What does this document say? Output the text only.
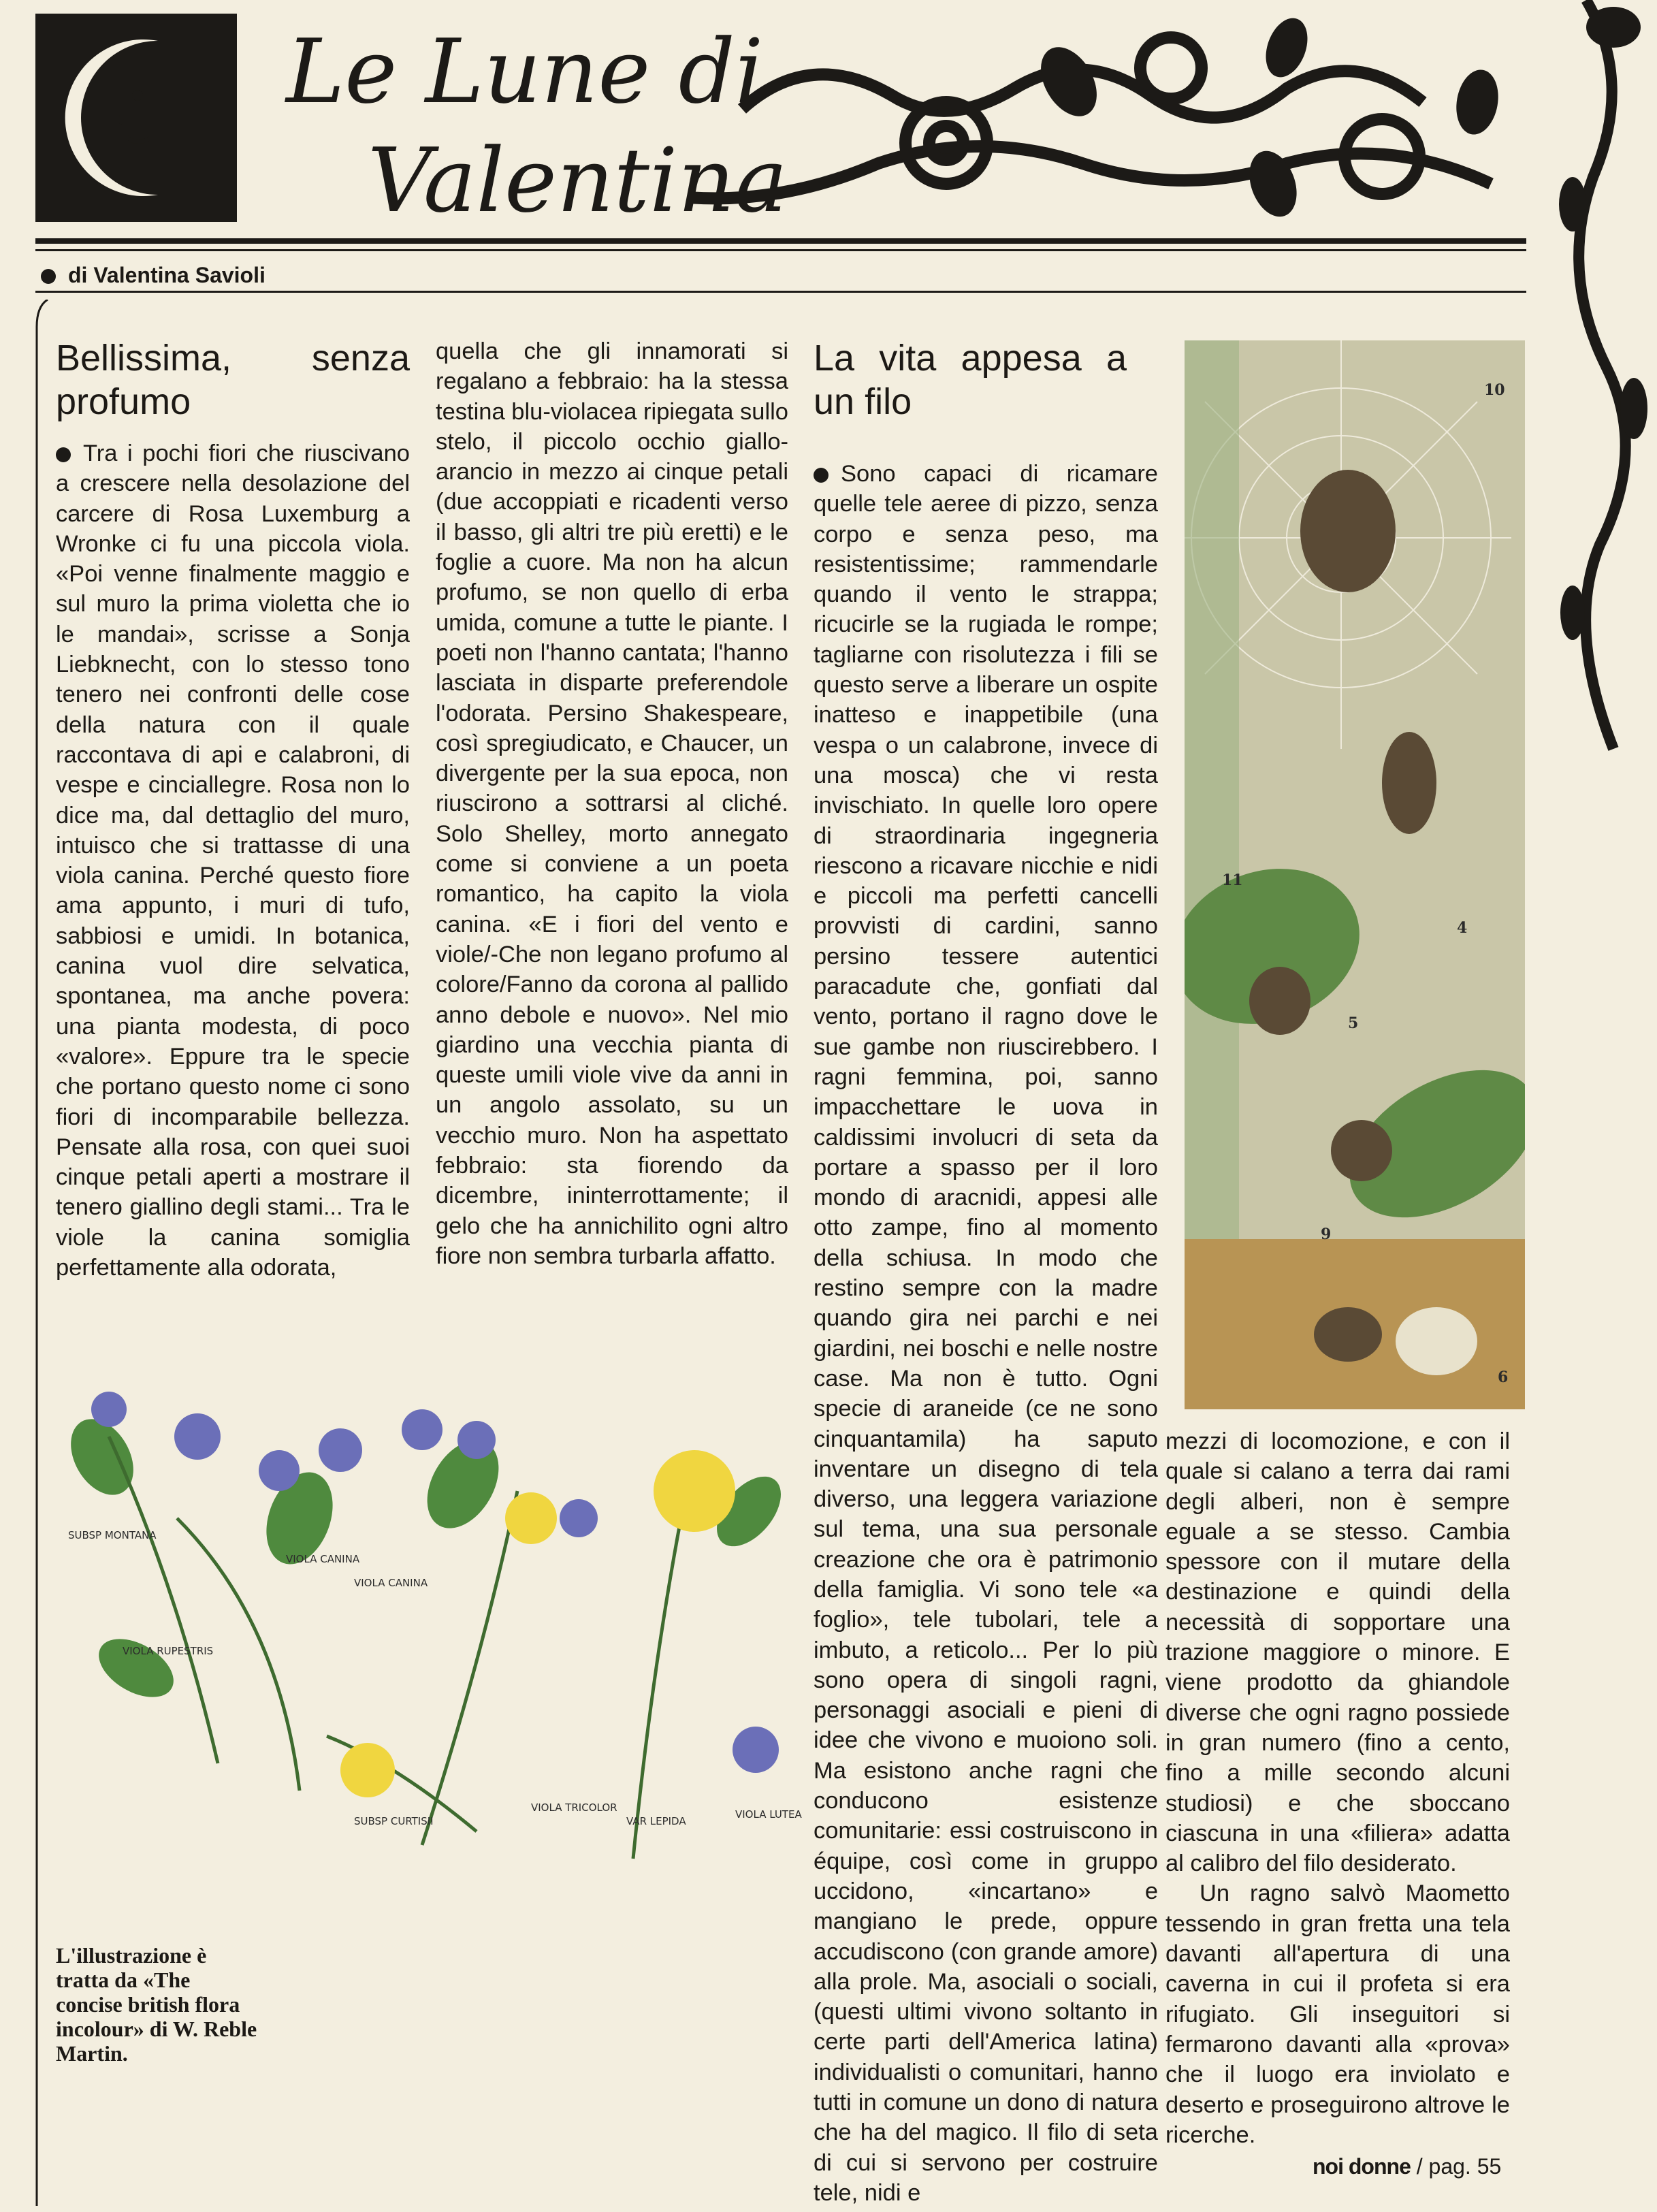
Le Lune di
Valentina
di Valentina Savioli
Bellissima, senza profumo

Tra i pochi fiori che riuscivano a crescere nella desolazione del carcere di Rosa Luxemburg a Wronke ci fu una piccola viola. «Poi venne finalmente maggio e sul muro la prima violetta che io le mandai», scrisse a Sonja Liebknecht, con lo stesso tono tenero nei confronti delle cose della natura con il quale raccontava di api e calabroni, di vespe e cinciallegre. Rosa non lo dice ma, dal dettaglio del muro, intuisco che si trattasse di una viola canina. Perché questo fiore ama appunto, i muri di tufo, sabbiosi e umidi. In botanica, canina vuol dire selvatica, spontanea, ma anche povera: una pianta modesta, di poco «valore». Eppure tra le specie che portano questo nome ci sono fiori di incomparabile bellezza. Pensate alla rosa, con quei suoi cinque petali aperti a mostrare il tenero giallino degli stami... Tra le viole la canina somiglia perfettamente alla odorata,

quella che gli innamorati si regalano a febbraio: ha la stessa testina blu-violacea ripiegata sullo stelo, il piccolo occhio giallo-arancio in mezzo ai cinque petali (due accoppiati e ricadenti verso il basso, gli altri tre più eretti) e le foglie a cuore. Ma non ha alcun profumo, se non quello di erba umida, comune a tutte le piante. I poeti non l'hanno cantata; l'hanno lasciata in disparte preferendole l'odorata. Persino Shakespeare, così spregiudicato, e Chaucer, un divergente per la sua epoca, non riuscirono a sottrarsi al cliché. Solo Shelley, morto annegato come si conviene a un poeta romantico, ha capito la viola canina. «E i fiori del vento e viole/-Che non legano profumo al colore/Fanno da corona al pallido anno debole e nuovo». Nel mio giardino una vecchia pianta di queste umili viole vive da anni in un angolo assolato, su un vecchio muro. Non ha aspettato febbraio: sta fiorendo da dicembre, ininterrottamente; il gelo che ha annichilito ogni altro fiore non sembra turbarla affatto.

SUBSP MONTANA
VIOLA CANINA
VIOLA CANINA
VIOLA RUPESTRIS
SUBSP CURTISII
VIOLA TRICOLOR
VAR LEPIDA
VIOLA LUTEA
L'illustrazione è tratta da «The concise british flora incolour» di W. Reble Martin.
La vita appesa a un filo

Sono capaci di ricamare quelle tele aeree di pizzo, senza corpo e senza peso, ma resistentissime; rammendarle quando il vento le strappa; ricucirle se la rugiada le rompe; tagliarne con risolutezza i fili se questo serve a liberare un ospite inatteso e inappetibile (una vespa o un calabrone, invece di una mosca) che vi resta invischiato. In quelle loro opere di straordinaria ingegneria riescono a ricavare nicchie e nidi e piccoli ma perfetti cancelli provvisti di cardini, sanno persino tessere autentici paracadute che, gonfiati dal vento, portano il ragno dove le sue gambe non riuscirebbero. I ragni femmina, poi, sanno impacchettare le uova in caldissimi involucri di seta da portare a spasso per il loro mondo di aracnidi, appesi alle otto zampe, fino al momento della schiusa. In modo che restino sempre con la madre quando gira nei parchi e nei giardini, nei boschi e nelle nostre case. Ma non è tutto. Ogni specie di araneide (ce ne sono cinquantamila) ha saputo inventare un disegno di tela diverso, una leggera variazione sul tema, una sua personale creazione che ora è patrimonio della famiglia. Vi sono tele «a foglio», tele tubolari, tele a imbuto, a reticolo... Per lo più sono opera di singoli ragni, personaggi asociali e pieni di idee che vivono e muoiono soli. Ma esistono anche ragni che conducono esistenze comunitarie: essi costruiscono in équipe, così come in gruppo uccidono, «incartano» e mangiano le prede, oppure accudiscono (con grande amore) alla prole. Ma, asociali o sociali, (questi ultimi vivono soltanto in certe parti dell'America latina) individualisti o comunitari, hanno tutti in comune un dono di natura che ha del magico. Il filo di seta di cui si servono per costruire tele, nidi e

10
4
11
5
9
6

mezzi di locomozione, e con il quale si calano a terra dai rami degli alberi, non è sempre eguale a se stesso. Cambia spessore con il mutare della destinazione e quindi della necessità di sopportare una trazione maggiore o minore. E viene prodotto da ghiandole diverse che ogni ragno possiede in gran numero (fino a cento, fino a mille secondo alcuni studiosi) e che sboccano ciascuna in una «filiera» adatta al calibro del filo desiderato.

Un ragno salvò Maometto tessendo in gran fretta una tela davanti all'apertura di una caverna in cui il profeta si era rifugiato. Gli inseguitori si fermarono davanti alla «prova» che il luogo era inviolato e deserto e proseguirono altrove le ricerche.

noi donne / pag. 55
